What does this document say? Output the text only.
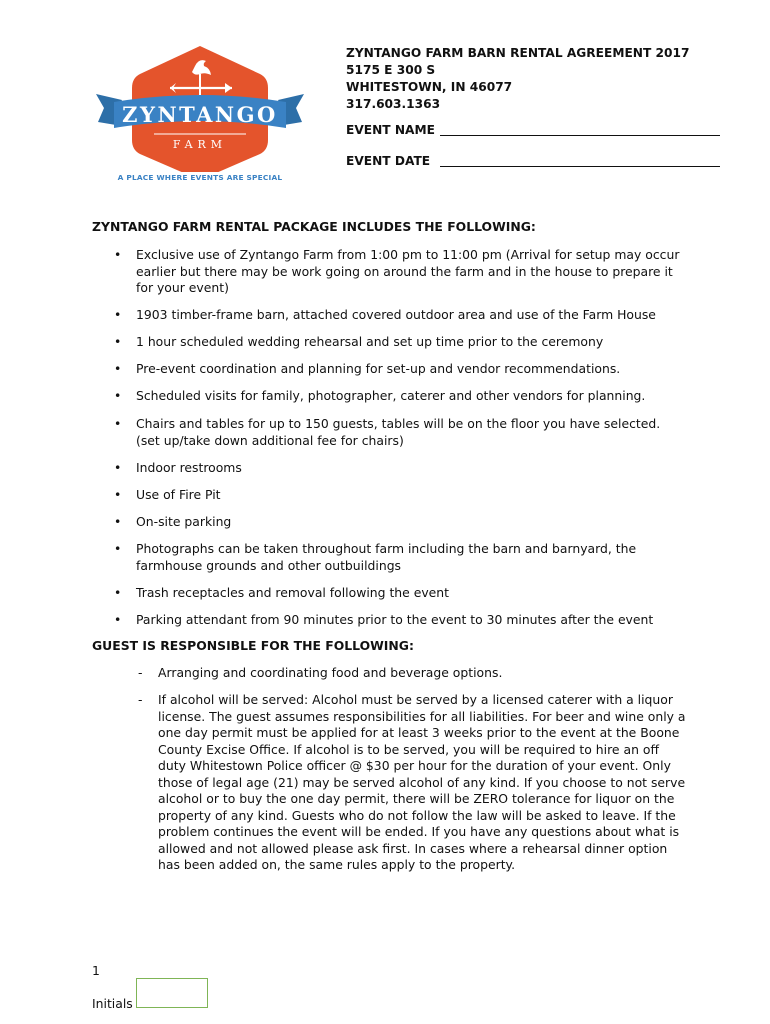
ZYNTANGO
FARM
A PLACE WHERE EVENTS ARE SPECIAL
ZYNTANGO FARM BARN RENTAL AGREEMENT 2017
5175 E 300 S
WHITESTOWN, IN 46077
317.603.1363
EVENT NAME
EVENT DATE
ZYNTANGO FARM RENTAL PACKAGE INCLUDES THE FOLLOWING:
• Exclusive use of Zyntango Farm from 1:00 pm to 11:00 pm (Arrival for setup may occur earlier but there may be work going on around the farm and in the house to prepare it for your event)
• 1903 timber-frame barn, attached covered outdoor area and use of the Farm House
• 1 hour scheduled wedding rehearsal and set up time prior to the ceremony
• Pre-event coordination and planning for set-up and vendor recommendations.
• Scheduled visits for family, photographer, caterer and other vendors for planning.
• Chairs and tables for up to 150 guests, tables will be on the floor you have selected. (set up/take down additional fee for chairs)
• Indoor restrooms
• Use of Fire Pit
• On-site parking
• Photographs can be taken throughout farm including the barn and barnyard, the farmhouse grounds and other outbuildings
• Trash receptacles and removal following the event
• Parking attendant from 90 minutes prior to the event to 30 minutes after the event
GUEST IS RESPONSIBLE FOR THE FOLLOWING:
- Arranging and coordinating food and beverage options.
- If alcohol will be served: Alcohol must be served by a licensed caterer with a liquor license. The guest assumes responsibilities for all liabilities. For beer and wine only a one day permit must be applied for at least 3 weeks prior to the event at the Boone County Excise Office. If alcohol is to be served, you will be required to hire an off duty Whitestown Police officer @ $30 per hour for the duration of your event. Only those of legal age (21) may be served alcohol of any kind. If you choose to not serve alcohol or to buy the one day permit, there will be ZERO tolerance for liquor on the property of any kind. Guests who do not follow the law will be asked to leave. If the problem continues the event will be ended. If you have any questions about what is allowed and not allowed please ask first. In cases where a rehearsal dinner option has been added on, the same rules apply to the property.
1
Initials
